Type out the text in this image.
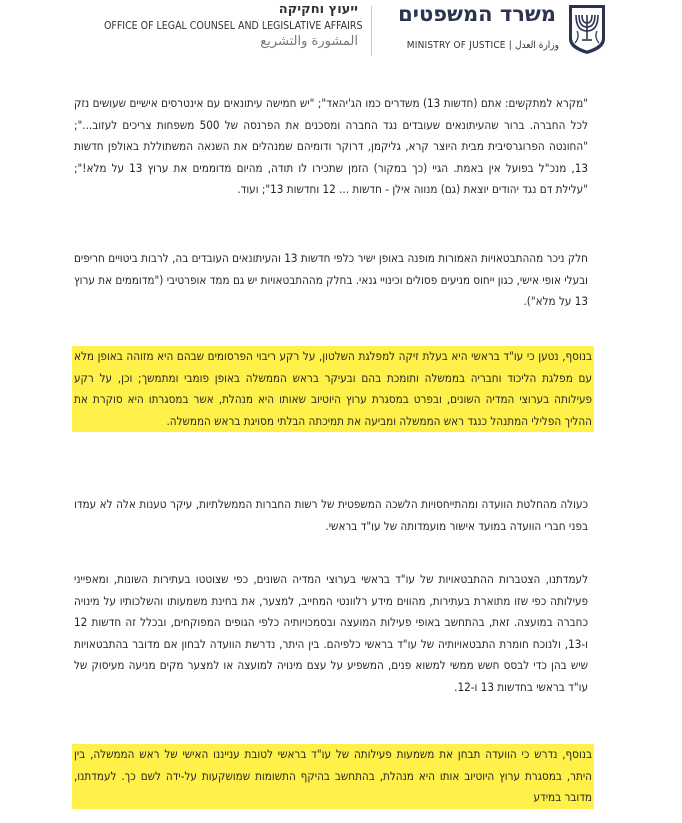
משרד המשפטים
MINISTRY OF JUSTICE | وزارة العدل
ייעוץ וחקיקה
OFFICE OF LEGAL COUNSEL AND LEGISLATIVE AFFAIRS
المشورة والتشريع

"מקרא למתקשים: אתם (חדשות 13) משדרים כמו הג'יהאד"; "יש חמישה עיתונאים עם אינטרסים אישיים שעושים נזק לכל החברה. ברור שהעיתונאים שעובדים נגד החברה ומסכנים את הפרנסה של 500 משפחות צריכים לעזוב..."; "החונטה הפרוגרסיבית מבית היוצר קרא, גליקמן, דרוקר ודומיהם שמנהלים את השנאה המשתוללת באולפן חדשות 13, מנכ"ל בפועל אין באמת. הגיי (כך במקור) הזמן שתכירו לו תודה, מהיום מדוממים את ערוץ 13 על מלא!"; "עלילת דם נגד יהודים יוצאת (גם) מנווה אילן - חדשות ... 12 וחדשות 13"; ועוד.

חלק ניכר מההתבטאויות האמורות מופנה באופן ישיר כלפי חדשות 13 והעיתונאים העובדים בה, לרבות ביטויים חריפים ובעלי אופי אישי, כגון ייחוס מניעים פסולים וכינויי גנאי. בחלק מההתבטאויות יש גם ממד אופרטיבי ("מדוממים את ערוץ 13 על מלא").

בנוסף, נטען כי עו"ד בראשי היא בעלת זיקה למפלגת השלטון, על רקע ריבוי הפרסומים שבהם היא מזוהה באופן מלא עם מפלגת הליכוד וחבריה בממשלה ותומכת בהם ובעיקר בראש הממשלה באופן פומבי ומתמשך; וכן, על רקע פעילותה בערוצי המדיה השונים, ובפרט במסגרת ערוץ היוטיוב שאותו היא מנהלת, אשר במסגרתו היא סוקרת את ההליך הפלילי המתנהל כנגד ראש הממשלה ומביעה את תמיכתה הבלתי מסויגת בראש הממשלה.

כעולה מהחלטת הוועדה ומהתייחסויות הלשכה המשפטית של רשות החברות הממשלתיות, עיקר טענות אלה לא עמדו בפני חברי הוועדה במועד אישור מועמדותה של עו"ד בראשי.

לעמדתנו, הצטברות ההתבטאויות של עו"ד בראשי בערוצי המדיה השונים, כפי שצוטטו בעתירות השונות, ומאפייני פעילותה כפי שזו מתוארת בעתירות, מהווים מידע רלוונטי המחייב, למצער, את בחינת משמעותו והשלכותיו על מינויה כחברה במועצה. זאת, בהתחשב באופי פעילות המועצה ובסמכויותיה כלפי הגופים המפוקחים, ובכלל זה חדשות 12 ו-13, ולנוכח חומרת התבטאויותיה של עו"ד בראשי כלפיהם. בין היתר, נדרשת הוועדה לבחון אם מדובר בהתבטאויות שיש בהן כדי לבסס חשש ממשי למשוא פנים, המשפיע על עצם מינויה למועצה או למצער מקים מניעה מעיסוק של עו"ד בראשי בחדשות 13 ו-12.

בנוסף, נדרש כי הוועדה תבחן את משמעות פעילותה של עו"ד בראשי לטובת ענייננו האישי של ראש הממשלה, בין היתר, במסגרת ערוץ היוטיוב אותו היא מנהלת, בהתחשב בהיקף התשומות שמושקעות על-ידה לשם כך. לעמדתנו, מדובר במידע
